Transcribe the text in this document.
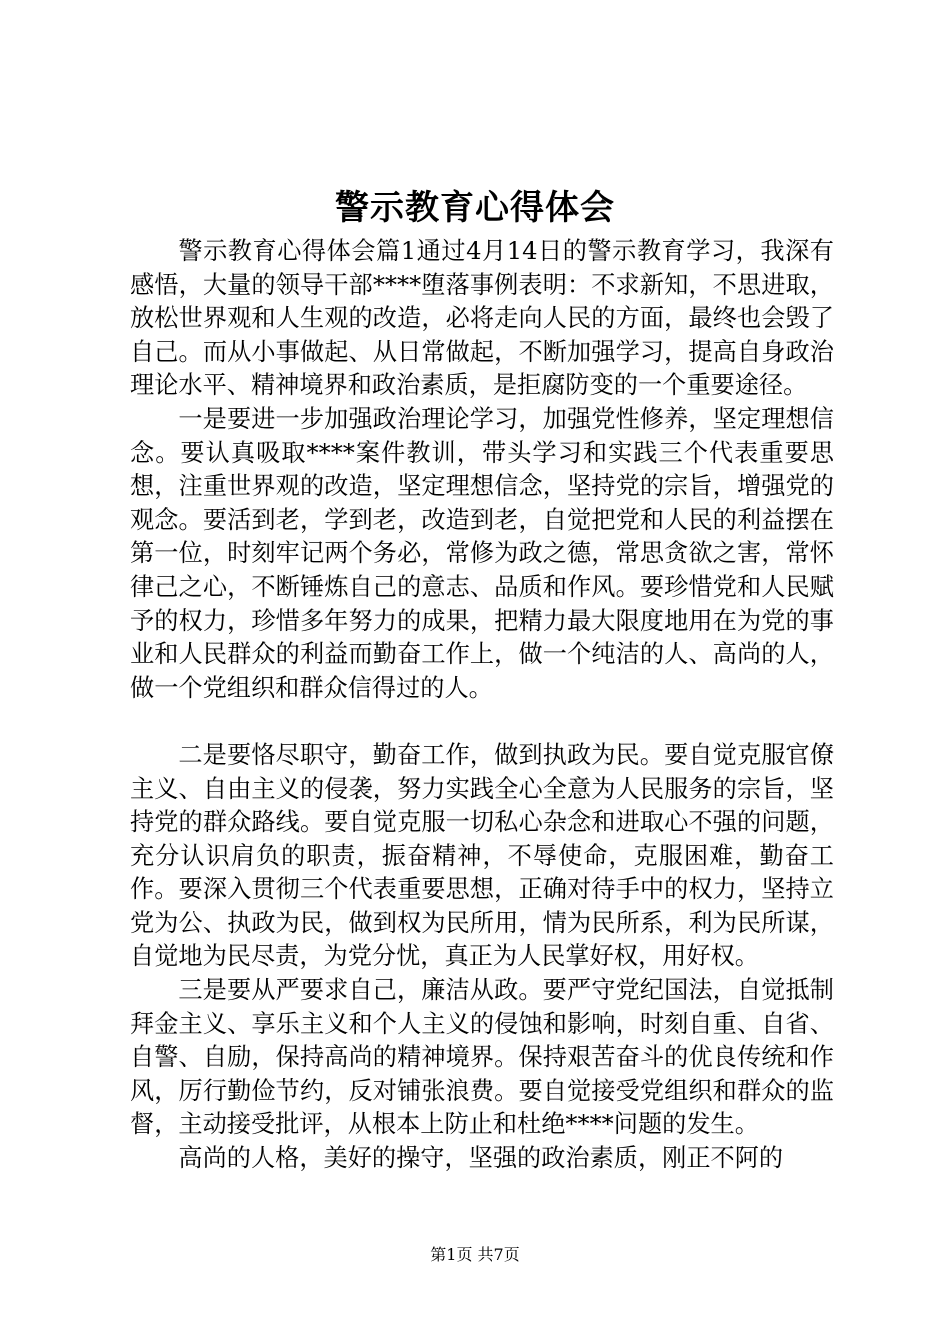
警示教育心得体会

警示教育心得体会篇1通过4月14日的警示教育学习，我深有感悟，大量的领导干部****堕落事例表明：不求新知，不思进取，放松世界观和人生观的改造，必将走向人民的方面，最终也会毁了自己。而从小事做起、从日常做起，不断加强学习，提高自身政治理论水平、精神境界和政治素质，是拒腐防变的一个重要途径。

一是要进一步加强政治理论学习，加强党性修养，坚定理想信念。要认真吸取****案件教训，带头学习和实践三个代表重要思想，注重世界观的改造，坚定理想信念，坚持党的宗旨，增强党的观念。要活到老，学到老，改造到老，自觉把党和人民的利益摆在第一位，时刻牢记两个务必，常修为政之德，常思贪欲之害，常怀律己之心，不断锤炼自己的意志、品质和作风。要珍惜党和人民赋予的权力，珍惜多年努力的成果，把精力最大限度地用在为党的事业和人民群众的利益而勤奋工作上，做一个纯洁的人、高尚的人，做一个党组织和群众信得过的人。

二是要恪尽职守，勤奋工作，做到执政为民。要自觉克服官僚主义、自由主义的侵袭，努力实践全心全意为人民服务的宗旨，坚持党的群众路线。要自觉克服一切私心杂念和进取心不强的问题，充分认识肩负的职责，振奋精神，不辱使命，克服困难，勤奋工作。要深入贯彻三个代表重要思想，正确对待手中的权力，坚持立党为公、执政为民，做到权为民所用，情为民所系，利为民所谋，自觉地为民尽责，为党分忧，真正为人民掌好权，用好权。

三是要从严要求自己，廉洁从政。要严守党纪国法，自觉抵制拜金主义、享乐主义和个人主义的侵蚀和影响，时刻自重、自省、自警、自励，保持高尚的精神境界。保持艰苦奋斗的优良传统和作风，厉行勤俭节约，反对铺张浪费。要自觉接受党组织和群众的监督，主动接受批评，从根本上防止和杜绝****问题的发生。

高尚的人格，美好的操守，坚强的政治素质，刚正不阿的

第1页 共7页
